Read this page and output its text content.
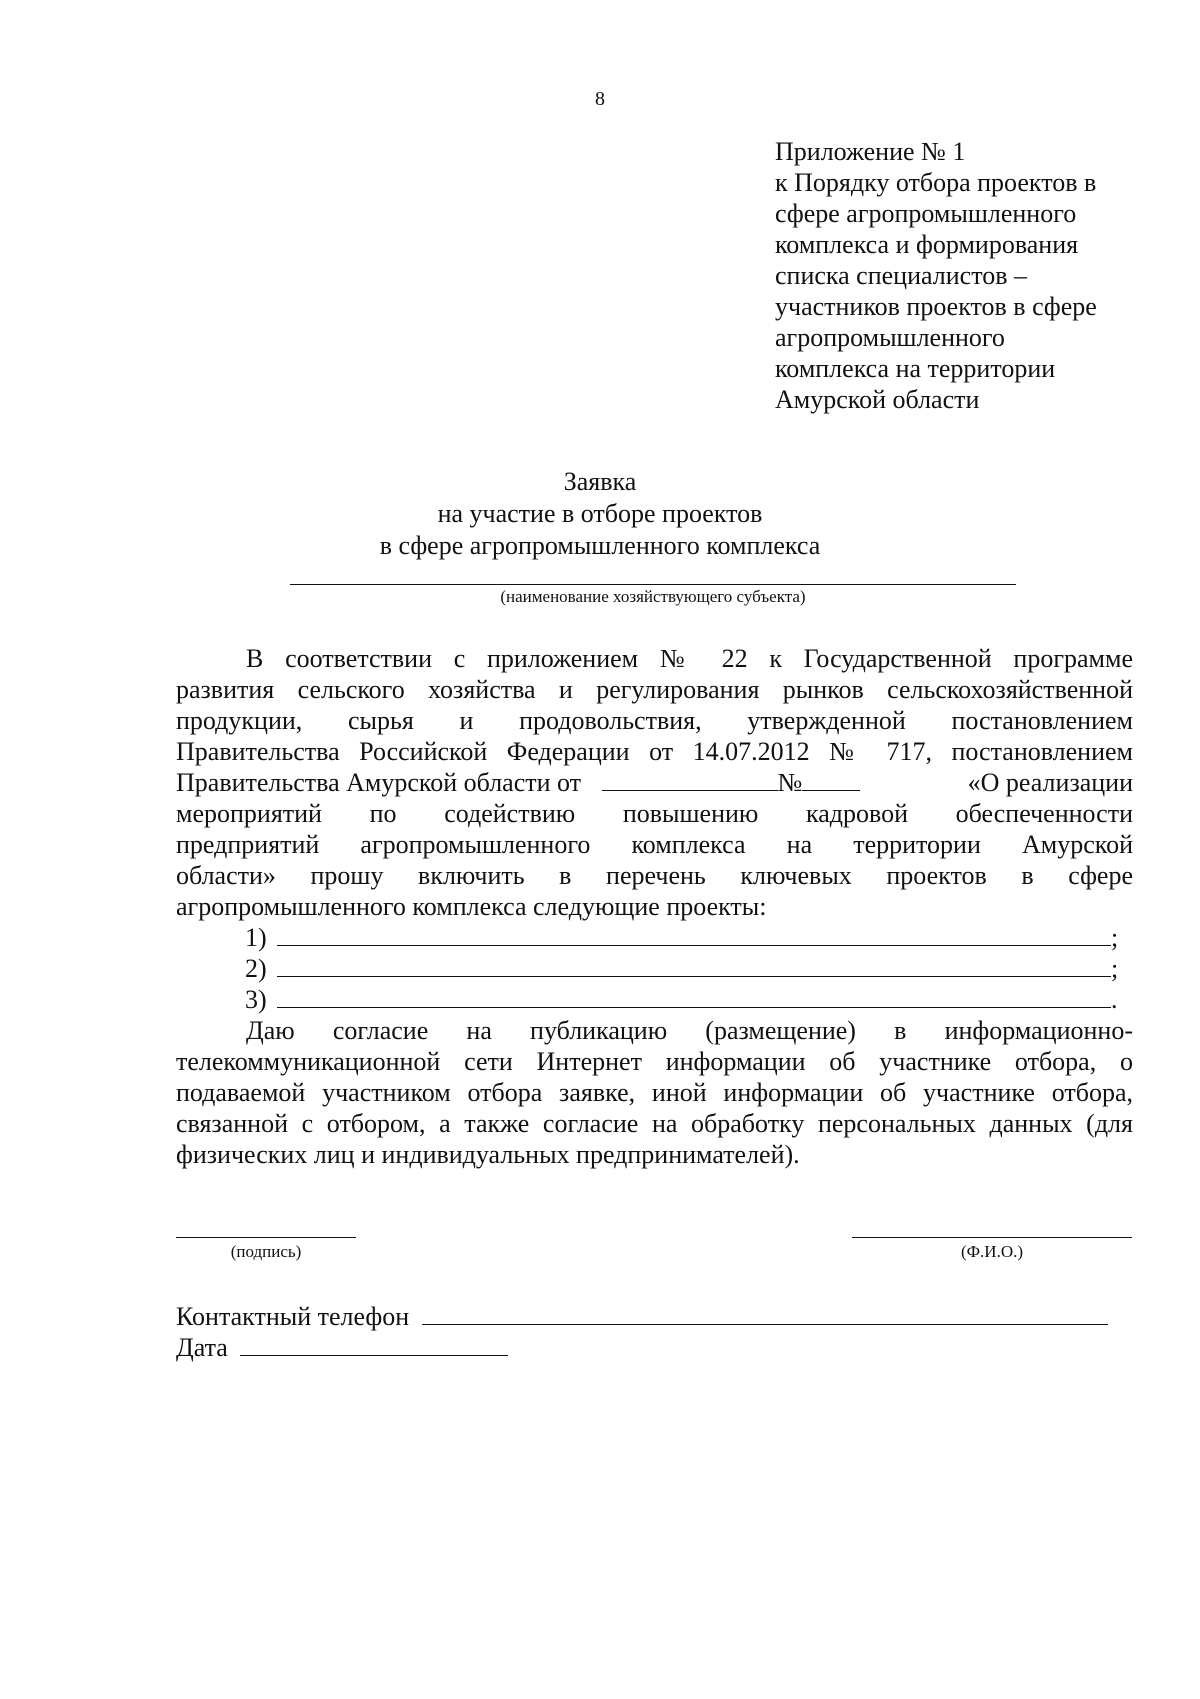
8
Приложение № 1
к Порядку отбора проектов в
сфере агропромышленного
комплекса и формирования
списка специалистов –
участников проектов в сфере
агропромышленного
комплекса на территории
Амурской области
Заявка
на участие в отборе проектов
в сфере агропромышленного комплекса
(наименование хозяйствующего субъекта)
В соответствии с приложением № 22 к Государственной программе
развития сельского хозяйства и регулирования рынков сельскохозяйственной
продукции, сырья и продовольствия, утвержденной постановлением
Правительства Российской Федерации от 14.07.2012 № 717, постановлением
Правительства Амурской области от	№	«О реализации
мероприятий по содействию повышению кадровой обеспеченности
предприятий агропромышленного комплекса на территории Амурской
области» прошу включить в перечень ключевых проектов в сфере
агропромышленного комплекса следующие проекты:
1)	;
2)	;
3)	.
Даю согласие на публикацию (размещение) в информационно-
телекоммуникационной сети Интернет информации об участнике отбора, о
подаваемой участником отбора заявке, иной информации об участнике отбора,
связанной с отбором, а также согласие на обработку персональных данных (для
физических лиц и индивидуальных предпринимателей).
(подпись)	(Ф.И.О.)
Контактный телефон
Дата
